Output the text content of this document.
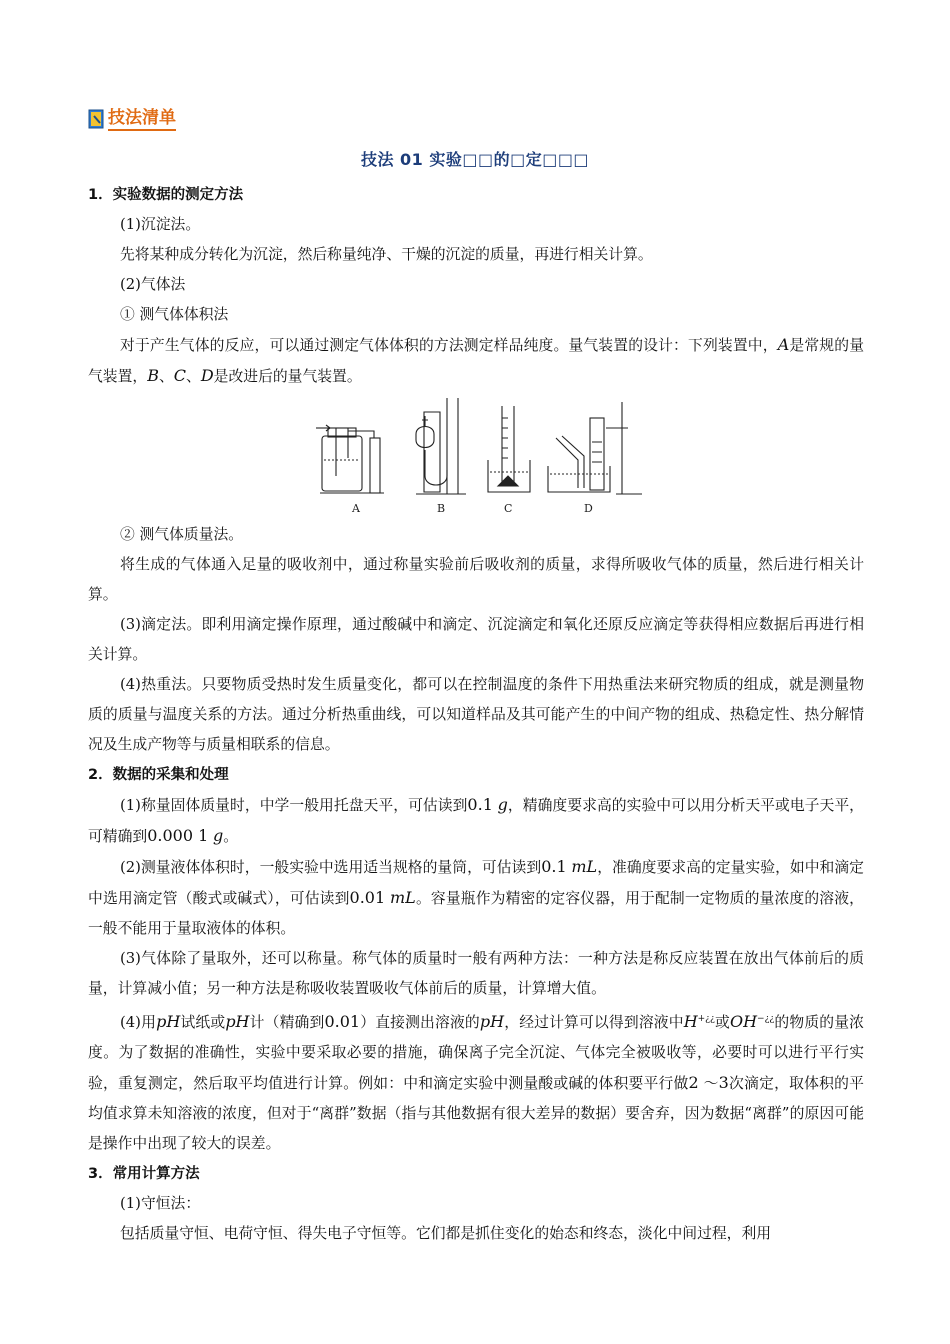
技法清单
技法 01 实验□□的□定□□□

1．实验数据的测定方法

(1)沉淀法。

先将某种成分转化为沉淀，然后称量纯净、干燥的沉淀的质量，再进行相关计算。

(2)气体法

① 测气体体积法

对于产生气体的反应，可以通过测定气体体积的方法测定样品纯度。量气装置的设计：下列装置中，A是常规的量气装置，B、C、D是改进后的量气装置。

A	B	C	D

② 测气体质量法。

将生成的气体通入足量的吸收剂中，通过称量实验前后吸收剂的质量，求得所吸收气体的质量，然后进行相关计算。

(3)滴定法。即利用滴定操作原理，通过酸碱中和滴定、沉淀滴定和氧化还原反应滴定等获得相应数据后再进行相关计算。

(4)热重法。只要物质受热时发生质量变化，都可以在控制温度的条件下用热重法来研究物质的组成，就是测量物质的质量与温度关系的方法。通过分析热重曲线，可以知道样品及其可能产生的中间产物的组成、热稳定性、热分解情况及生成产物等与质量相联系的信息。

2．数据的采集和处理

(1)称量固体质量时，中学一般用托盘天平，可估读到0.1 g，精确度要求高的实验中可以用分析天平或电子天平，可精确到0.000 1 g。

(2)测量液体体积时，一般实验中选用适当规格的量筒，可估读到0.1 mL，准确度要求高的定量实验，如中和滴定中选用滴定管（酸式或碱式），可估读到0.01 mL。容量瓶作为精密的定容仪器，用于配制一定物质的量浓度的溶液，一般不能用于量取液体的体积。

(3)气体除了量取外，还可以称量。称气体的质量时一般有两种方法：一种方法是称反应装置在放出气体前后的质量，计算减小值；另一种方法是称吸收装置吸收气体前后的质量，计算增大值。

(4)用pH试纸或pH计（精确到0.01）直接测出溶液的pH，经过计算可以得到溶液中H+¿¿或OH−¿¿的物质的量浓度。为了数据的准确性，实验中要采取必要的措施，确保离子完全沉淀、气体完全被吸收等，必要时可以进行平行实验，重复测定，然后取平均值进行计算。例如：中和滴定实验中测量酸或碱的体积要平行做2 ～3次滴定，取体积的平均值求算未知溶液的浓度，但对于“离群”数据（指与其他数据有很大差异的数据）要舍弃，因为数据“离群”的原因可能是操作中出现了较大的误差。

3．常用计算方法

(1)守恒法：

包括质量守恒、电荷守恒、得失电子守恒等。它们都是抓住变化的始态和终态，淡化中间过程，利用
